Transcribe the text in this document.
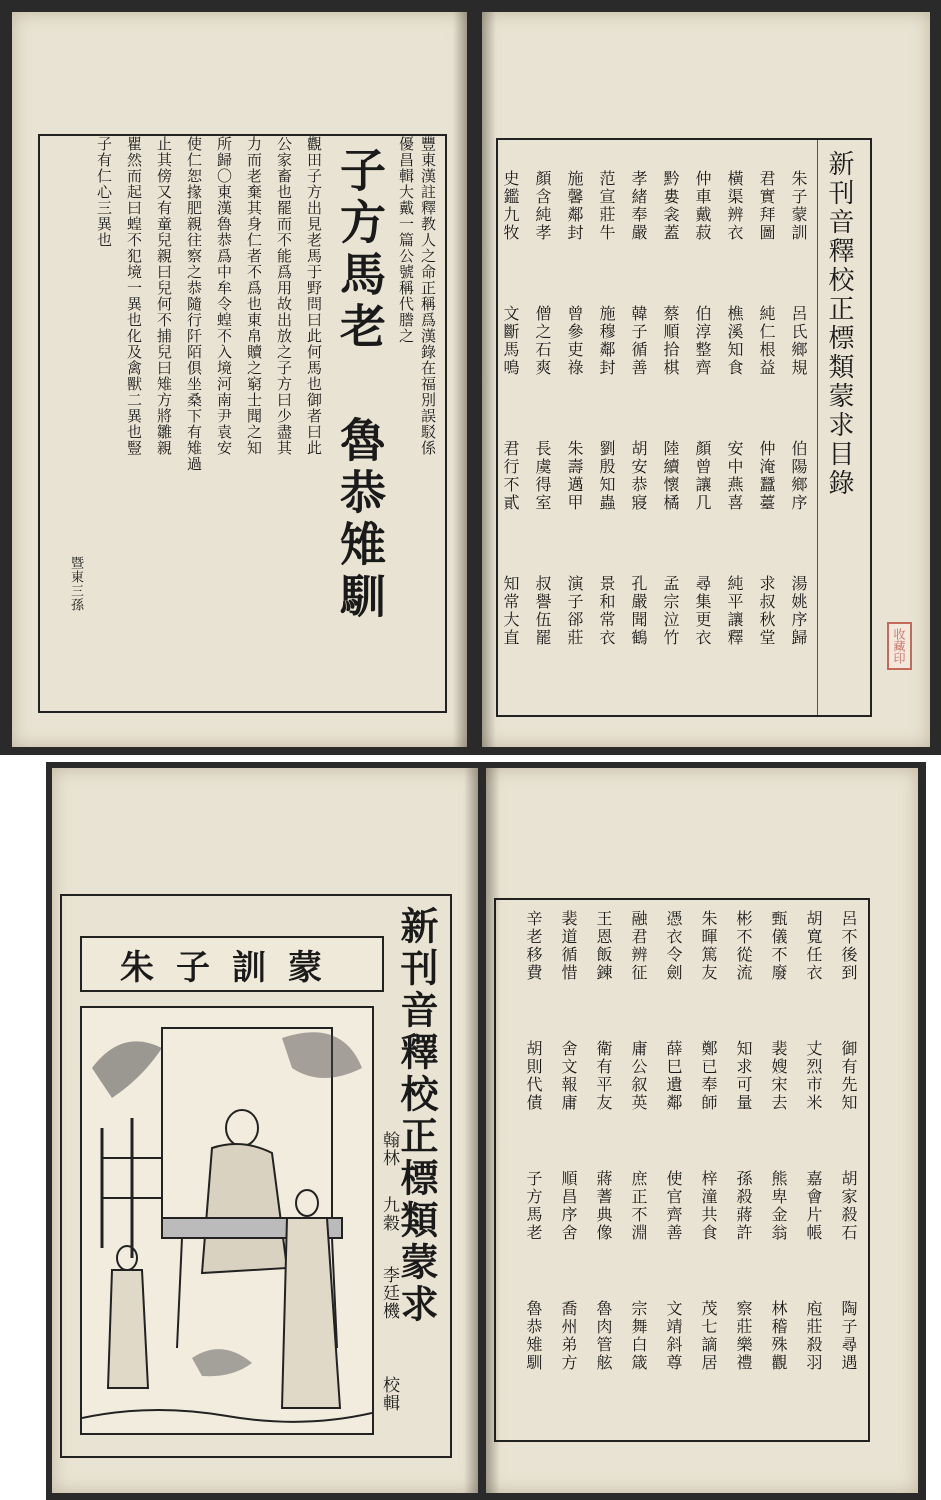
豐東漢註釋教人之命正稱爲漢錄在福別誤駁係
優昌輯大戴一篇公號稱代謄之
子方馬老
魯恭雉馴
觀田子方出見老馬于野問曰此何馬也御者曰此
公家畜也罷而不能爲用故出放之子方曰少盡其
力而老棄其身仁者不爲也東帛贖之窮士聞之知
所歸〇東漢魯恭爲中牟令蝗不入境河南尹袁安
使仁恕掾肥親往察之恭隨行阡陌俱坐桑下有雉過
止其傍又有童兒親曰兒何不捕兒曰雉方將雛親
瞿然而起曰蝗不犯境一異也化及禽獸二異也豎
子有仁心三異也
暨東三孫
新刊音釋校正標類蒙求目錄
朱子蒙訓
呂氏鄉規
伯陽鄉序
湯姚序歸
君實拜圖
純仁根益
仲淹蠶薹
求叔秋堂
橫渠辨衣
樵溪知食
安中燕喜
純平讓釋
仲車戴菽
伯淳整齊
顏曾讓几
尋集更衣
黔婁衾蓋
蔡順拾棋
陸續懷橘
孟宗泣竹
孝緒奉嚴
韓子循善
胡安恭寢
孔嚴聞鶴
范宣莊牛
施穆鄰封
劉殷知蟲
景和常衣
施馨鄰封
曾參吏祿
朱壽邁甲
演子郤莊
顏含純孝
僧之石爽
長虞得室
叔譽伍罷
史鑑九牧
文斷馬鳴
君行不貳
知常大直	收藏印
朱子訓蒙	新刊音釋校正標類蒙求
翰林
九穀
李廷機
校輯
呂不後到
御有先知
胡家殺石
陶子尋遇
胡寬任衣
丈烈市米
嘉會片帳
庖莊殺羽
甄儀不廢
裴嫂宋去
熊卑金翁
林稽殊觀
彬不從流
知求可量
孫殺蔣許
察莊樂禮
朱暉篤友
鄭已奉師
梓潼共食
茂七謫居
憑衣令劍
薛巳遺鄰
使官齊善
文靖斜尊
融君辨征
庸公叙英
庶正不淵
宗舞白箴
王恩飯鍊
衛有平友
蔣蓍典像
魯肉管舷
裴道循惜
舍文報庸
順昌序舍
喬州弟方
辛老移費
胡則代債
子方馬老
魯恭雉馴
